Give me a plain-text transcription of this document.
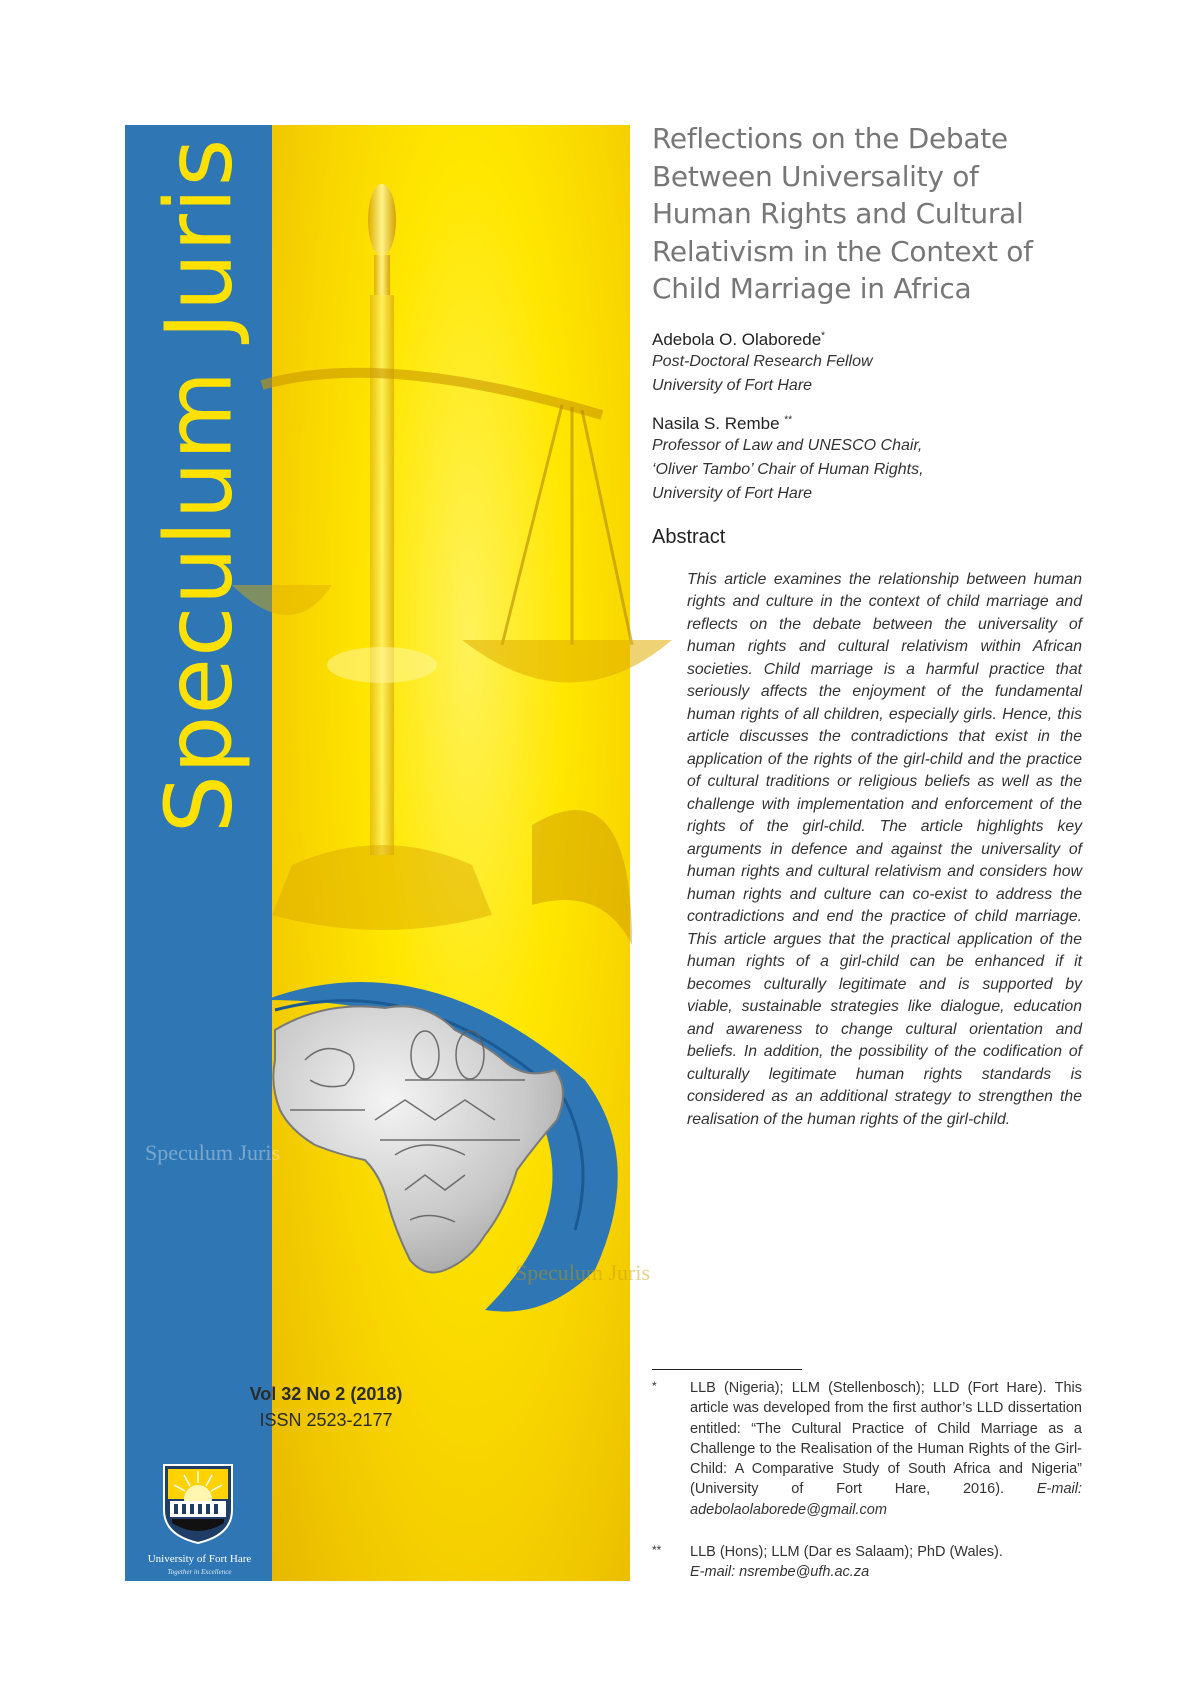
Speculum Juris
University of Fort Hare
Together in Excellence
Speculum Juris
Speculum Juris
Vol 32 No 2 (2018)
ISSN 2523-2177
Reflections on the Debate Between Universality of Human Rights and Cultural Relativism in the Context of Child Marriage in Africa
Adebola O. Olaborede*
Post-Doctoral Research Fellow
University of Fort Hare
Nasila S. Rembe **
Professor of Law and UNESCO Chair,
‘Oliver Tambo’ Chair of Human Rights,
University of Fort Hare
Abstract

This article examines the relationship between human rights and culture in the context of child marriage and reflects on the debate between the universality of human rights and cultural relativism within African societies. Child marriage is a harmful practice that seriously affects the enjoyment of the fundamental human rights of all children, especially girls. Hence, this article discusses the contradictions that exist in the application of the rights of the girl-child and the practice of cultural traditions or religious beliefs as well as the challenge with implementation and enforcement of the rights of the girl-child. The article highlights key arguments in defence and against the universality of human rights and cultural relativism and considers how human rights and culture can co-exist to address the contradictions and end the practice of child marriage. This article argues that the practical application of the human rights of a girl-child can be enhanced if it becomes culturally legitimate and is supported by viable, sustainable strategies like dialogue, education and awareness to change cultural orientation and beliefs. In addition, the possibility of the codification of culturally legitimate human rights standards is considered as an additional strategy to strengthen the realisation of the human rights of the girl-child.

* LLB (Nigeria); LLM (Stellenbosch); LLD (Fort Hare). This article was developed from the first author’s LLD dissertation entitled: “The Cultural Practice of Child Marriage as a Challenge to the Realisation of the Human Rights of the Girl-Child: A Comparative Study of South Africa and Nigeria” (University of Fort Hare, 2016). E-mail: adebolaolaborede@gmail.com
** LLB (Hons); LLM (Dar es Salaam); PhD (Wales).
E-mail: nsrembe@ufh.ac.za
